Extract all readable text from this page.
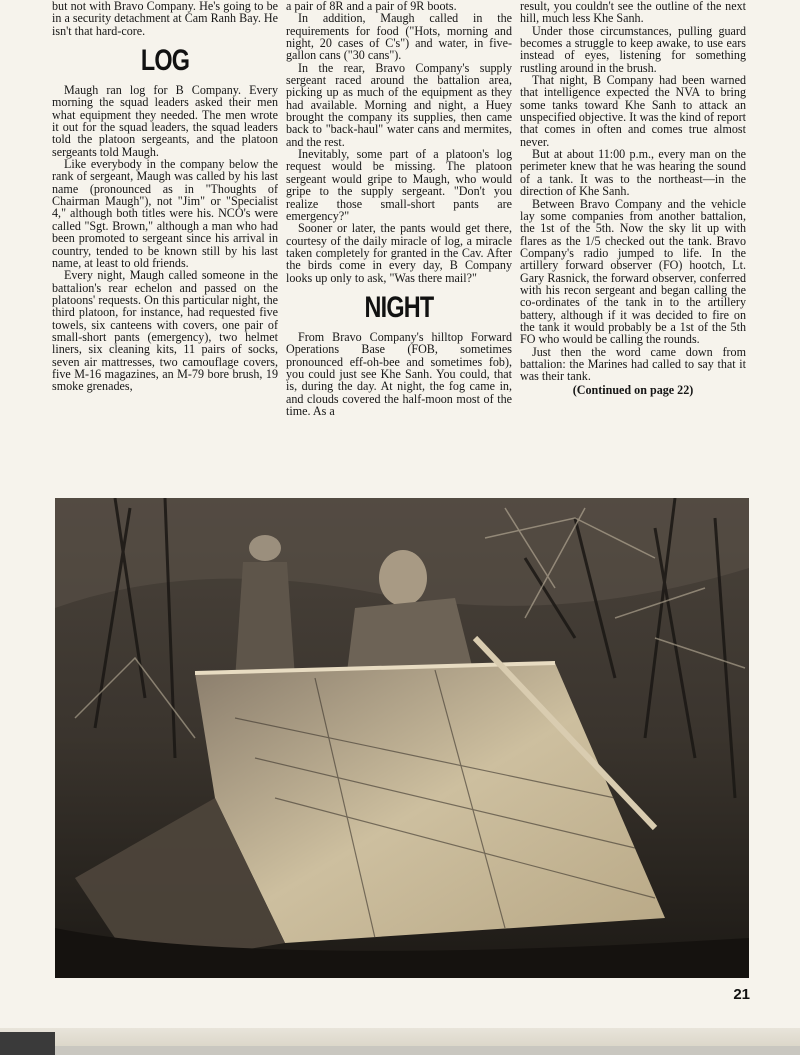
but not with Bravo Company. He's going to be in a security detachment at Cam Ranh Bay. He isn't that hard-core.

LOG

Maugh ran log for B Company. Every morning the squad leaders asked their men what equipment they needed. The men wrote it out for the squad leaders, the squad leaders told the platoon sergeants, and the platoon sergeants told Maugh.

Like everybody in the company below the rank of sergeant, Maugh was called by his last name (pronounced as in "Thoughts of Chairman Maugh"), not "Jim" or "Specialist 4," although both titles were his. NCO's were called "Sgt. Brown," although a man who had been promoted to sergeant since his arrival in country, tended to be known still by his last name, at least to old friends.

Every night, Maugh called someone in the battalion's rear echelon and passed on the platoons' requests. On this particular night, the third platoon, for instance, had requested five towels, six canteens with covers, one pair of small-short pants (emergency), two helmet liners, six cleaning kits, 11 pairs of socks, seven air mattresses, two camouflage covers, five M-16 magazines, an M-79 bore brush, 19 smoke grenades,

a pair of 8R and a pair of 9R boots.

In addition, Maugh called in the requirements for food ("Hots, morning and night, 20 cases of C's") and water, in five-gallon cans ("30 cans").

In the rear, Bravo Company's supply sergeant raced around the battalion area, picking up as much of the equipment as they had available. Morning and night, a Huey brought the company its supplies, then came back to "back-haul" water cans and mermites, and the rest.

Inevitably, some part of a platoon's log request would be missing. The platoon sergeant would gripe to Maugh, who would gripe to the supply sergeant. "Don't you realize those small-short pants are emergency?"

Sooner or later, the pants would get there, courtesy of the daily miracle of log, a miracle taken completely for granted in the Cav. After the birds come in every day, B Company looks up only to ask, "Was there mail?"

NIGHT

From Bravo Company's hilltop Forward Operations Base (FOB, sometimes pronounced eff-oh-bee and sometimes fob), you could just see Khe Sanh. You could, that is, during the day. At night, the fog came in, and clouds covered the half-moon most of the time. As a

result, you couldn't see the outline of the next hill, much less Khe Sanh.

Under those circumstances, pulling guard becomes a struggle to keep awake, to use ears instead of eyes, listening for something rustling around in the brush.

That night, B Company had been warned that intelligence expected the NVA to bring some tanks toward Khe Sanh to attack an unspecified objective. It was the kind of report that comes in often and comes true almost never.

But at about 11:00 p.m., every man on the perimeter knew that he was hearing the sound of a tank. It was to the northeast—in the direction of Khe Sanh.

Between Bravo Company and the vehicle lay some companies from another battalion, the 1st of the 5th. Now the sky lit up with flares as the 1/5 checked out the tank. Bravo Company's radio jumped to life. In the artillery forward observer (FO) hootch, Lt. Gary Rasnick, the forward observer, conferred with his recon sergeant and began calling the co-ordinates of the tank in to the artillery battery, although if it was decided to fire on the tank it would probably be a 1st of the 5th FO who would be calling the rounds.

Just then the word came down from battalion: the Marines had called to say that it was their tank.

(Continued on page 22)

21
